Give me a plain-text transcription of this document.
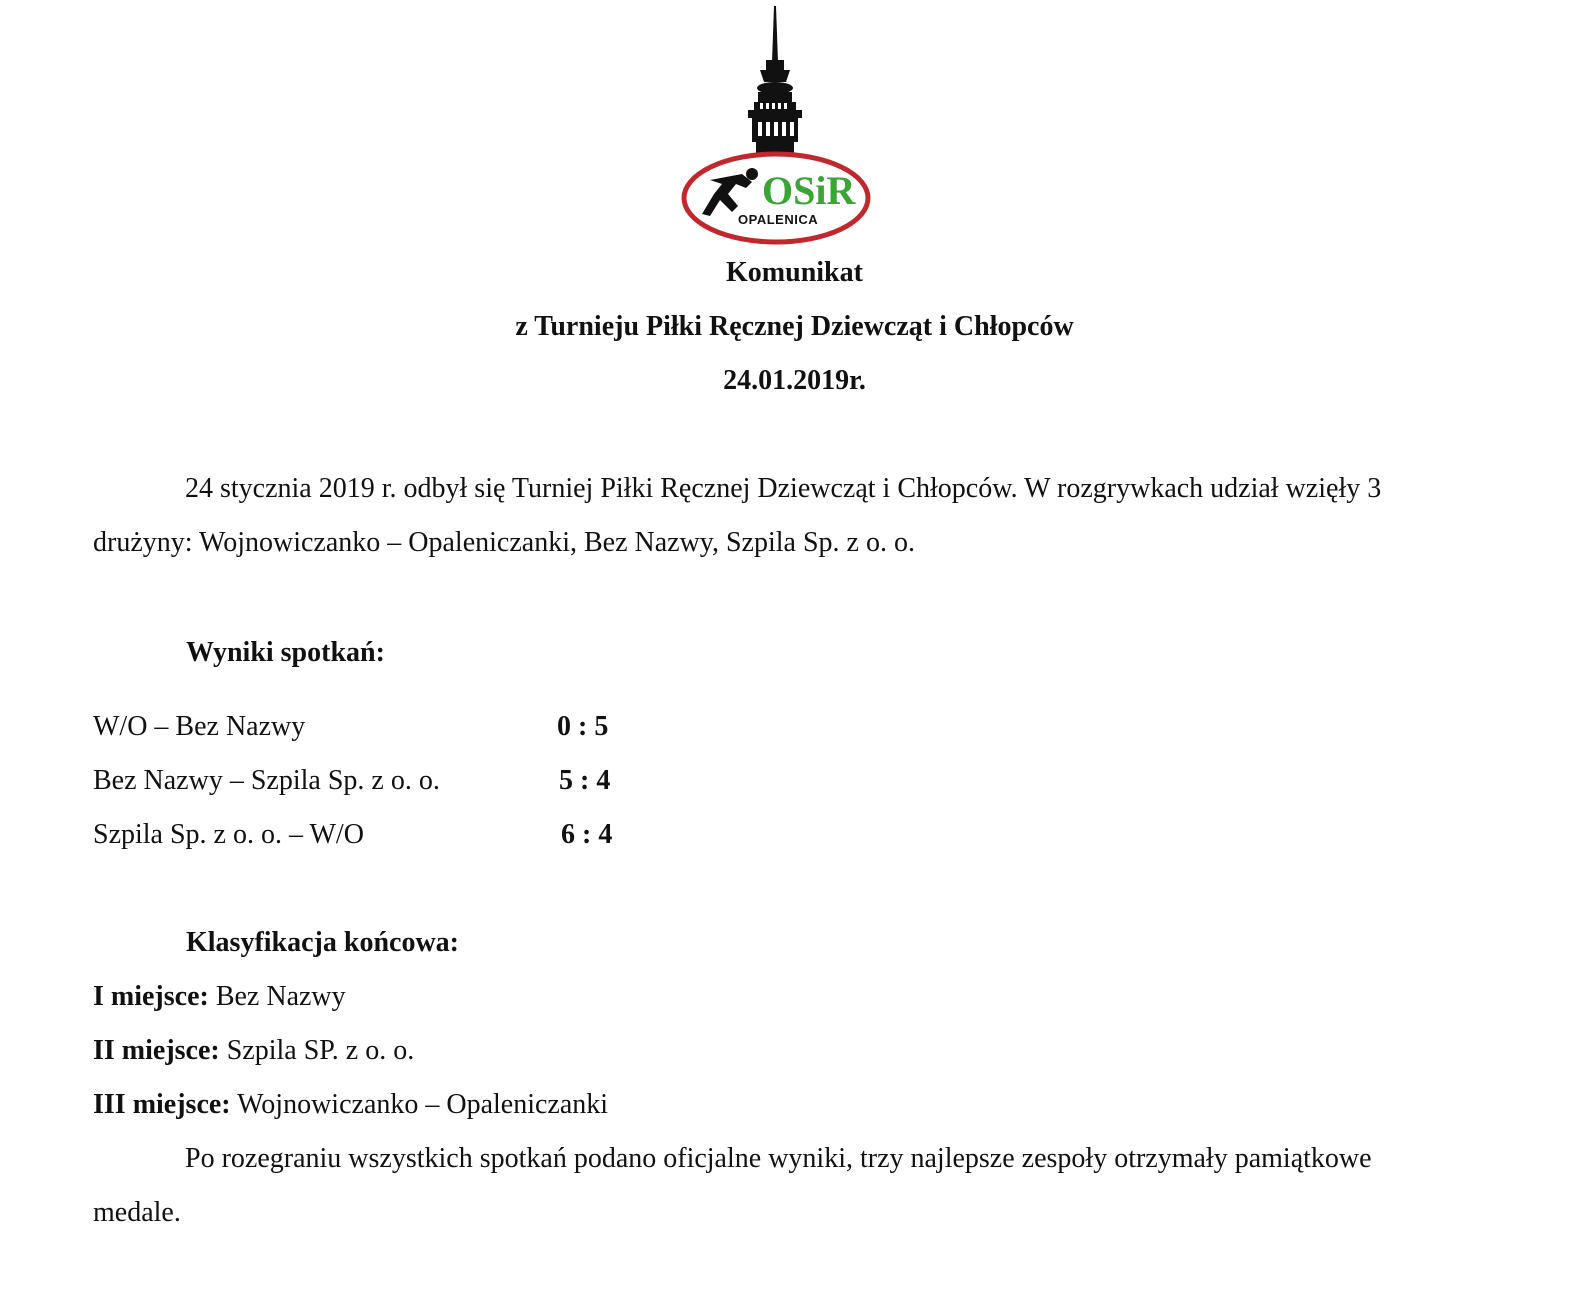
OSiR
OPALENICA
Komunikat
z Turnieju Piłki Ręcznej Dziewcząt i Chłopców
24.01.2019r.

24 stycznia 2019 r. odbył się Turniej Piłki Ręcznej Dziewcząt i Chłopców. W rozgrywkach udział wzięły 3 drużyny: Wojnowiczanko – Opaleniczanki, Bez Nazwy, Szpila Sp. z o. o.

Wyniki spotkań:
W/O – Bez Nazwy	0 : 5
Bez Nazwy – Szpila Sp. z o. o.	5 : 4
Szpila Sp. z o. o. – W/O	6 : 4
Klasyfikacja końcowa:
I miejsce: Bez Nazwy
II miejsce: Szpila SP. z o. o.
III miejsce: Wojnowiczanko – Opaleniczanki

Po rozegraniu wszystkich spotkań podano oficjalne wyniki, trzy najlepsze zespoły otrzymały pamiątkowe medale.
